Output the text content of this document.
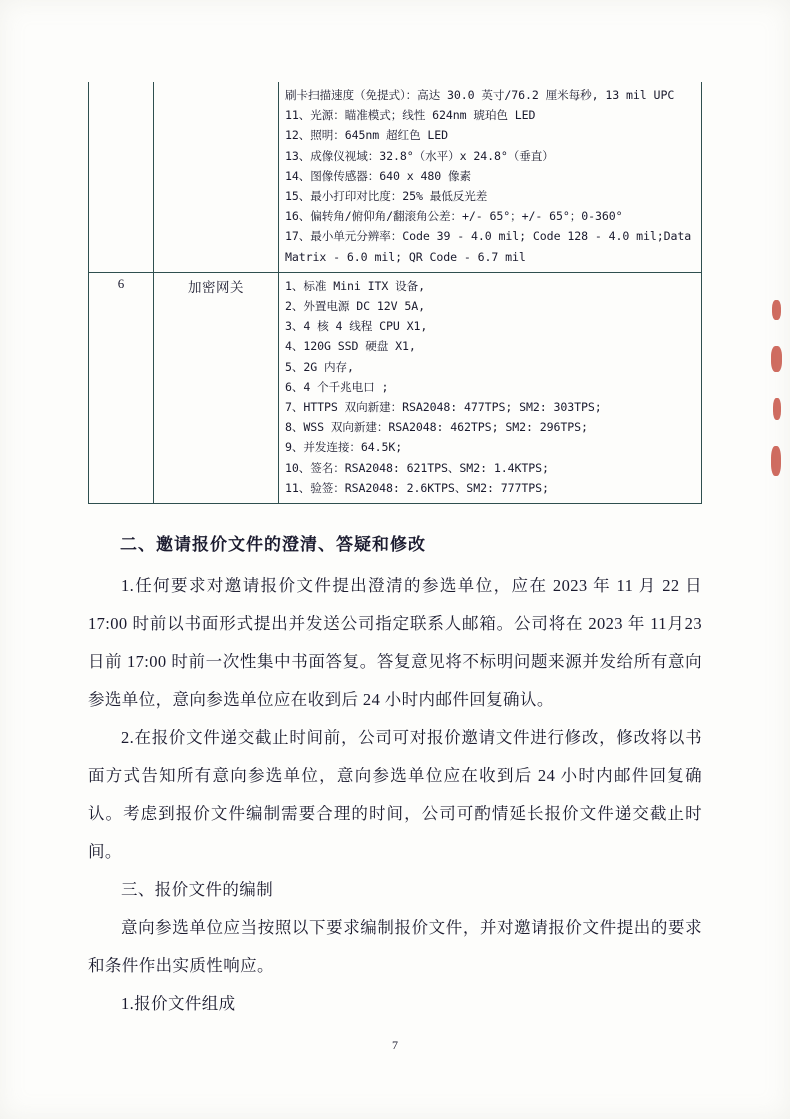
刷卡扫描速度（免提式）：高达 30.0 英寸/76.2 厘米每秒, 13 mil UPC
11、光源：瞄准模式；线性 624nm 琥珀色 LED
12、照明：645nm 超红色 LED
13、成像仪视域：32.8°（水平）x 24.8°（垂直）
14、图像传感器：640 x 480 像素
15、最小打印对比度：25% 最低反光差
16、偏转角/俯仰角/翻滚角公差：+/- 65°；+/- 65°；0-360°
17、最小单元分辨率：Code 39 - 4.0 mil; Code 128 - 4.0 mil;Data
Matrix - 6.0 mil; QR Code - 6.7 mil

6	加密网关	1、标准 Mini ITX 设备,
2、外置电源 DC 12V 5A,
3、4 核 4 线程 CPU X1,
4、120G SSD 硬盘 X1,
5、2G 内存,
6、4 个千兆电口 ;
7、HTTPS 双向新建：RSA2048: 477TPS; SM2: 303TPS;
8、WSS 双向新建：RSA2048: 462TPS; SM2: 296TPS;
9、并发连接：64.5K;
10、签名：RSA2048: 621TPS、SM2: 1.4KTPS;
11、验签：RSA2048: 2.6KTPS、SM2: 777TPS;
二、邀请报价文件的澄清、答疑和修改

1.任何要求对邀请报价文件提出澄清的参选单位，应在 2023 年 11 月 22 日 17:00 时前以书面形式提出并发送公司指定联系人邮箱。公司将在 2023 年 11月23日前 17:00 时前一次性集中书面答复。答复意见将不标明问题来源并发给所有意向参选单位，意向参选单位应在收到后 24 小时内邮件回复确认。

2.在报价文件递交截止时间前，公司可对报价邀请文件进行修改，修改将以书面方式告知所有意向参选单位，意向参选单位应在收到后 24 小时内邮件回复确认。考虑到报价文件编制需要合理的时间，公司可酌情延长报价文件递交截止时间。

三、报价文件的编制

意向参选单位应当按照以下要求编制报价文件，并对邀请报价文件提出的要求和条件作出实质性响应。

1.报价文件组成

7
